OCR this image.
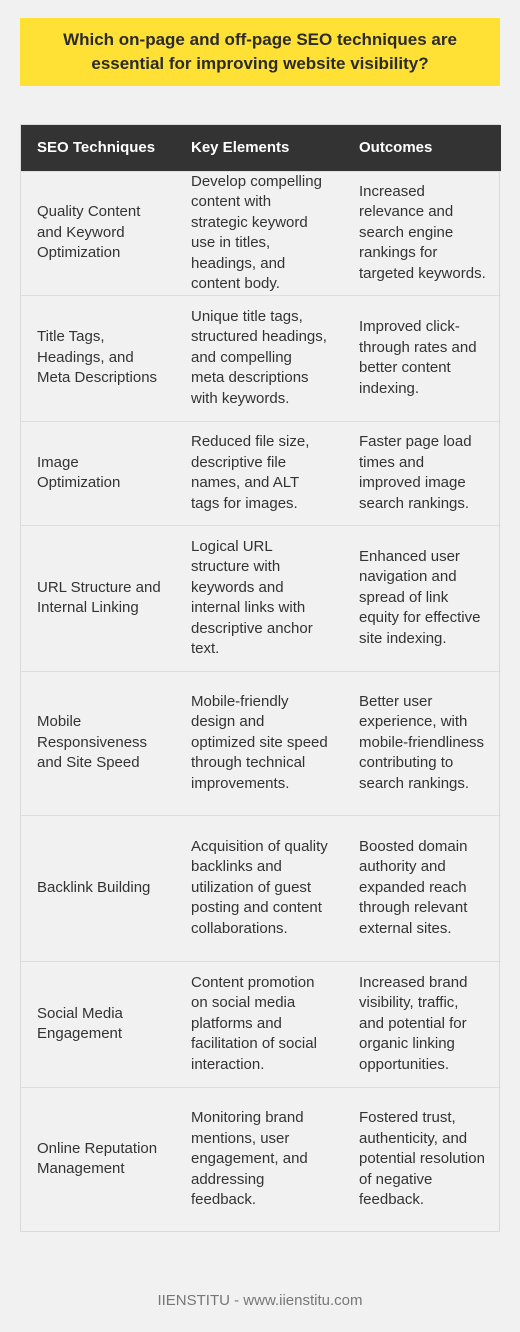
Which on-page and off-page SEO techniques are essential for improving website visibility?
SEO Techniques	Key Elements	Outcomes
Quality Content and Keyword Optimization	Develop compelling content with strategic keyword use in titles, headings, and content body.	Increased relevance and search engine rankings for targeted keywords.
Title Tags, Headings, and Meta Descriptions	Unique title tags, structured headings, and compelling meta descriptions with keywords.	Improved click-through rates and better content indexing.
Image Optimization	Reduced file size, descriptive file names, and ALT tags for images.	Faster page load times and improved image search rankings.
URL Structure and Internal Linking	Logical URL structure with keywords and internal links with descriptive anchor text.	Enhanced user navigation and spread of link equity for effective site indexing.
Mobile Responsiveness and Site Speed	Mobile-friendly design and optimized site speed through technical improvements.	Better user experience, with mobile-friendliness contributing to search rankings.
Backlink Building	Acquisition of quality backlinks and utilization of guest posting and content collaborations.	Boosted domain authority and expanded reach through relevant external sites.
Social Media Engagement	Content promotion on social media platforms and facilitation of social interaction.	Increased brand visibility, traffic, and potential for organic linking opportunities.
Online Reputation Management	Monitoring brand mentions, user engagement, and addressing feedback.	Fostered trust, authenticity, and potential resolution of negative feedback.
IIENSTITU - www.iienstitu.com
